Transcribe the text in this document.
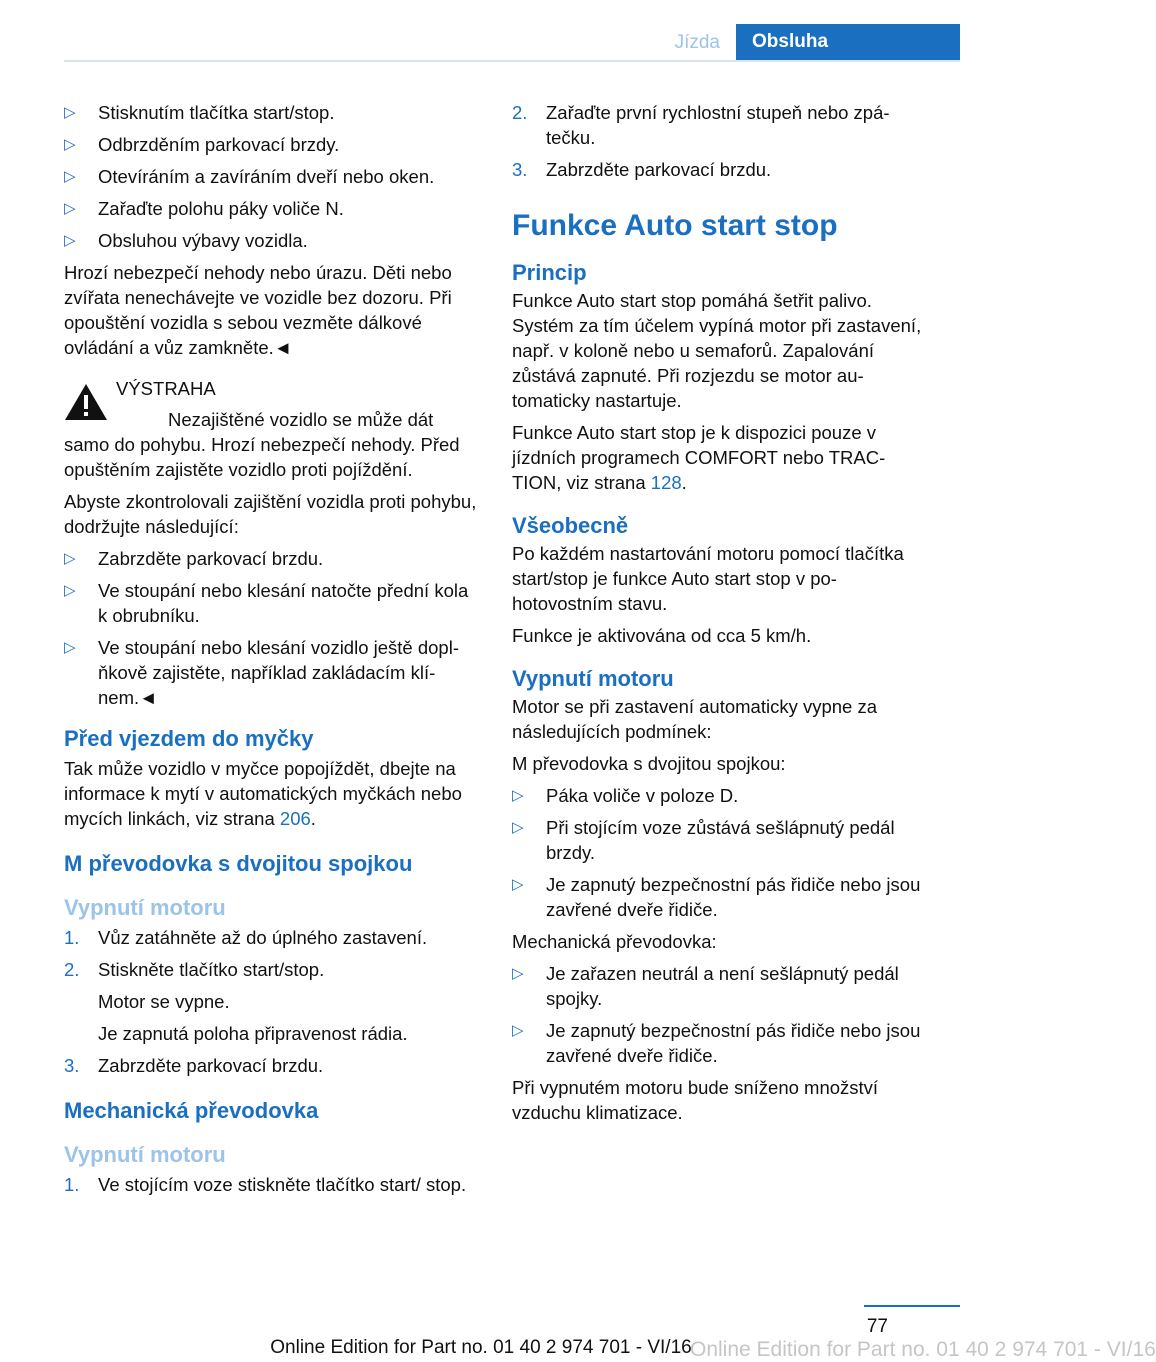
Jízda	Obsluha
▷ Stisknutím tlačítka start/stop.
▷ Odbrzděním parkovací brzdy.
▷ Otevíráním a zavíráním dveří nebo oken.
▷ Zařaďte polohu páky voliče N.
▷ Obsluhou výbavy vozidla.

Hrozí nebezpečí nehody nebo úrazu. Děti nebo zvířata nenechávejte ve vozidle bez dozoru. Při opouštění vozidla s sebou vezměte dálkové ovládání a vůz zamkněte.◄

VÝSTRAHA
Nezajištěné vozidlo se může dát samo do pohybu. Hrozí nebezpečí nehody. Před opuštěním zajistěte vozidlo proti pojíždění.

Abyste zkontrolovali zajištění vozidla proti pohybu, dodržujte následující:

▷ Zabrzděte parkovací brzdu.
▷ Ve stoupání nebo klesání natočte přední kola k obrubníku.
▷ Ve stoupání nebo klesání vozidlo ještě doplňkově zajistěte, například zakládacím klínem.◄
Před vjezdem do myčky

Tak může vozidlo v myčce popojíždět, dbejte na informace k mytí v automatických myčkách nebo mycích linkách, viz strana 206.

M převodovka s dvojitou spojkou
Vypnutí motoru
1. Vůz zatáhněte až do úplného zastavení.
2. Stiskněte tlačítko start/stop.
Motor se vypne.
Je zapnutá poloha připravenost rádia.
3. Zabrzděte parkovací brzdu.
Mechanická převodovka
Vypnutí motoru
1. Ve stojícím voze stiskněte tlačítko start/ stop.
2. Zařaďte první rychlostní stupeň nebo zpátečku.
3. Zabrzděte parkovací brzdu.
Funkce Auto start stop
Princip

Funkce Auto start stop pomáhá šetřit palivo. Systém za tím účelem vypíná motor při zastavení, např. v koloně nebo u semaforů. Zapalování zůstává zapnuté. Při rozjezdu se motor automaticky nastartuje.

Funkce Auto start stop je k dispozici pouze v jízdních programech COMFORT nebo TRACTION, viz strana 128.

Všeobecně

Po každém nastartování motoru pomocí tlačítka start/stop je funkce Auto start stop v pohotovostním stavu.

Funkce je aktivována od cca 5 km/h.

Vypnutí motoru

Motor se při zastavení automaticky vypne za následujících podmínek:

M převodovka s dvojitou spojkou:

▷ Páka voliče v poloze D.
▷ Při stojícím voze zůstává sešlápnutý pedál brzdy.
▷ Je zapnutý bezpečnostní pás řidiče nebo jsou zavřené dveře řidiče.

Mechanická převodovka:

▷ Je zařazen neutrál a není sešlápnutý pedál spojky.
▷ Je zapnutý bezpečnostní pás řidiče nebo jsou zavřené dveře řidiče.

Při vypnutém motoru bude sníženo množství vzduchu klimatizace.

77
Online Edition for Part no. 01 40 2 974 701 - VI/16
Online Edition for Part no. 01 40 2 974 701 - VI/16
